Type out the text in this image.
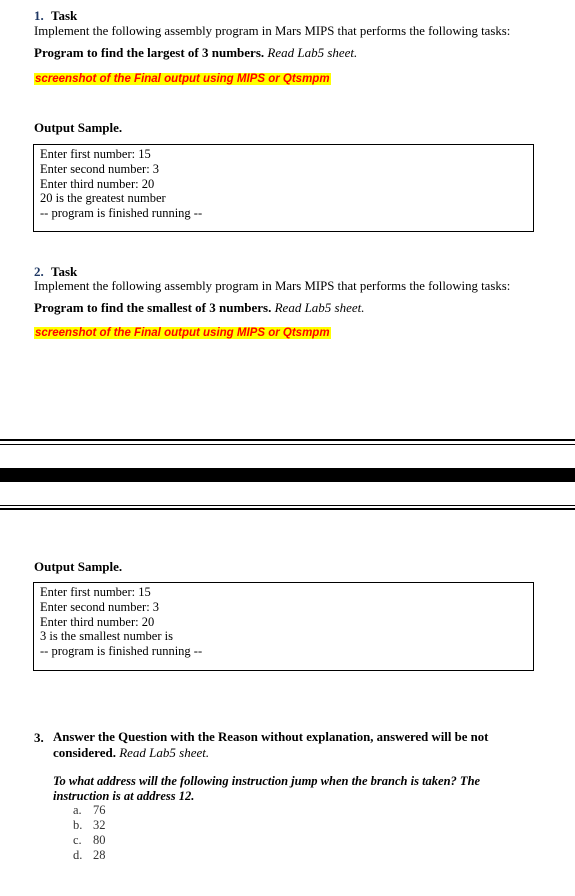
1. Task
Implement the following assembly program in Mars MIPS that performs the following tasks:
Program to find the largest of 3 numbers. Read Lab5 sheet.
screenshot of the Final output using MIPS or Qtsmpm
Output Sample.
Enter first number: 15
Enter second number: 3
Enter third number: 20
20 is the greatest number
-- program is finished running --
2. Task
Implement the following assembly program in Mars MIPS that performs the following tasks:
Program to find the smallest of 3 numbers. Read Lab5 sheet.
screenshot of the Final output using MIPS or Qtsmpm
Output Sample.
Enter first number: 15
Enter second number: 3
Enter third number: 20
3 is the smallest number is
-- program is finished running --
3. Answer the Question with the Reason without explanation, answered will be not
considered. Read Lab5 sheet.
To what address will the following instruction jump when the branch is taken? The
instruction is at address 12.
a. 76
b. 32
c. 80
d. 28
